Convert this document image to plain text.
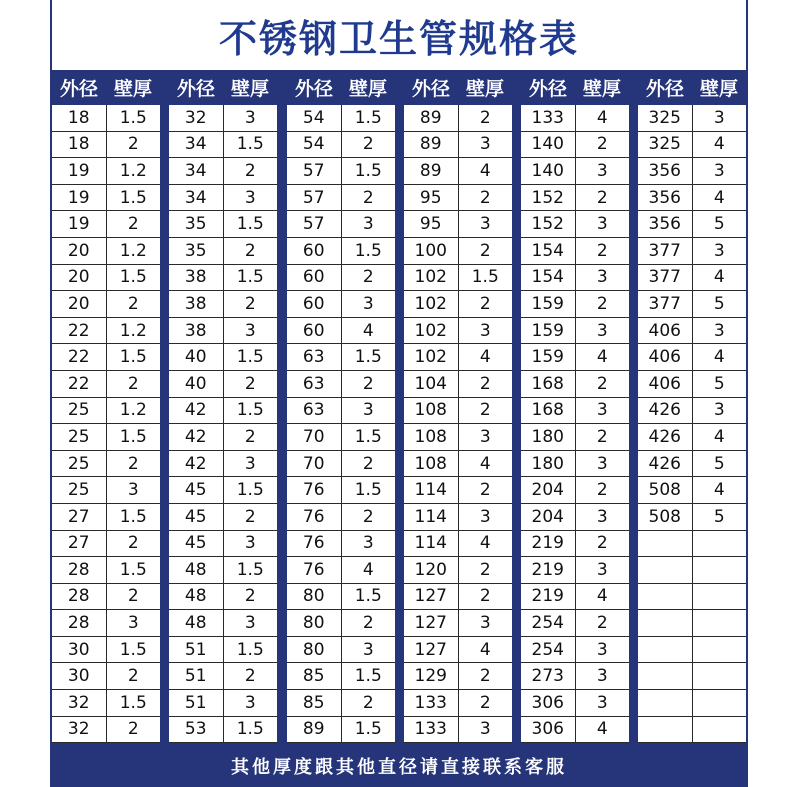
不锈钢卫生管规格表
外径 壁厚
18	1.5
18	2
19	1.2
19	1.5
19	2
20	1.2
20	1.5
20	2
22	1.2
22	1.5
22	2
25	1.2
25	1.5
25	2
25	3
27	1.5
27	2
28	1.5
28	2
28	3
30	1.5
30	2
32	1.5
32	2
外径 壁厚
32	3
34	1.5
34	2
34	3
35	1.5
35	2
38	1.5
38	2
38	3
40	1.5
40	2
42	1.5
42	2
42	3
45	1.5
45	2
45	3
48	1.5
48	2
48	3
51	1.5
51	2
51	3
53	1.5
外径 壁厚
54	1.5
54	2
57	1.5
57	2
57	3
60	1.5
60	2
60	3
60	4
63	1.5
63	2
63	3
70	1.5
70	2
76	1.5
76	2
76	3
76	4
80	1.5
80	2
80	3
85	1.5
85	2
89	1.5
外径 壁厚
89	2
89	3
89	4
95	2
95	3
100	2
102	1.5
102	2
102	3
102	4
104	2
108	2
108	3
108	4
114	2
114	3
114	4
120	2
127	2
127	3
127	4
129	2
133	2
133	3
外径 壁厚
133	4
140	2
140	3
152	2
152	3
154	2
154	3
159	2
159	3
159	4
168	2
168	3
180	2
180	3
204	2
204	3
219	2
219	3
219	4
254	2
254	3
273	3
306	3
306	4
外径 壁厚
325	3
325	4
356	3
356	4
356	5
377	3
377	4
377	5
406	3
406	4
406	5
426	3
426	4
426	5
508	4
508	5
其他厚度跟其他直径请直接联系客服
